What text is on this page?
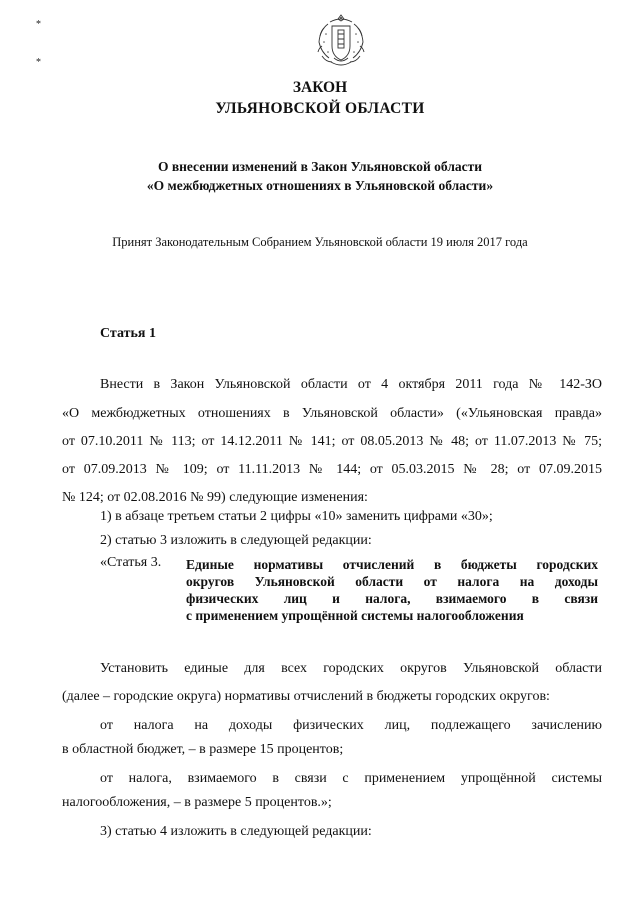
*
*
ЗАКОН
УЛЬЯНОВСКОЙ ОБЛАСТИ
О внесении изменений в Закон Ульяновской области
«О межбюджетных отношениях в Ульяновской области»
Принят Законодательным Собранием Ульяновской области 19 июля 2017 года
Статья 1
Внести в Закон Ульяновской области от 4 октября 2011 года № 142-ЗО
«О межбюджетных отношениях в Ульяновской области» («Ульяновская правда»
от 07.10.2011 № 113; от 14.12.2011 № 141; от 08.05.2013 № 48; от 11.07.2013 № 75;
от 07.09.2013 № 109; от 11.11.2013 № 144; от 05.03.2015 № 28; от 07.09.2015
№ 124; от 02.08.2016 № 99) следующие изменения:
1) в абзаце третьем статьи 2 цифры «10» заменить цифрами «30»;
2) статью 3 изложить в следующей редакции:
«Статья 3. Единые нормативы отчислений в бюджеты городских
округов Ульяновской области от налога на доходы
физических лиц и налога, взимаемого в связи
с применением упрощённой системы налогообложения
Установить единые для всех городских округов Ульяновской области
(далее – городские округа) нормативы отчислений в бюджеты городских округов:
от налога на доходы физических лиц, подлежащего зачислению
в областной бюджет, – в размере 15 процентов;
от налога, взимаемого в связи с применением упрощённой системы
налогообложения, – в размере 5 процентов.»;
3) статью 4 изложить в следующей редакции:
